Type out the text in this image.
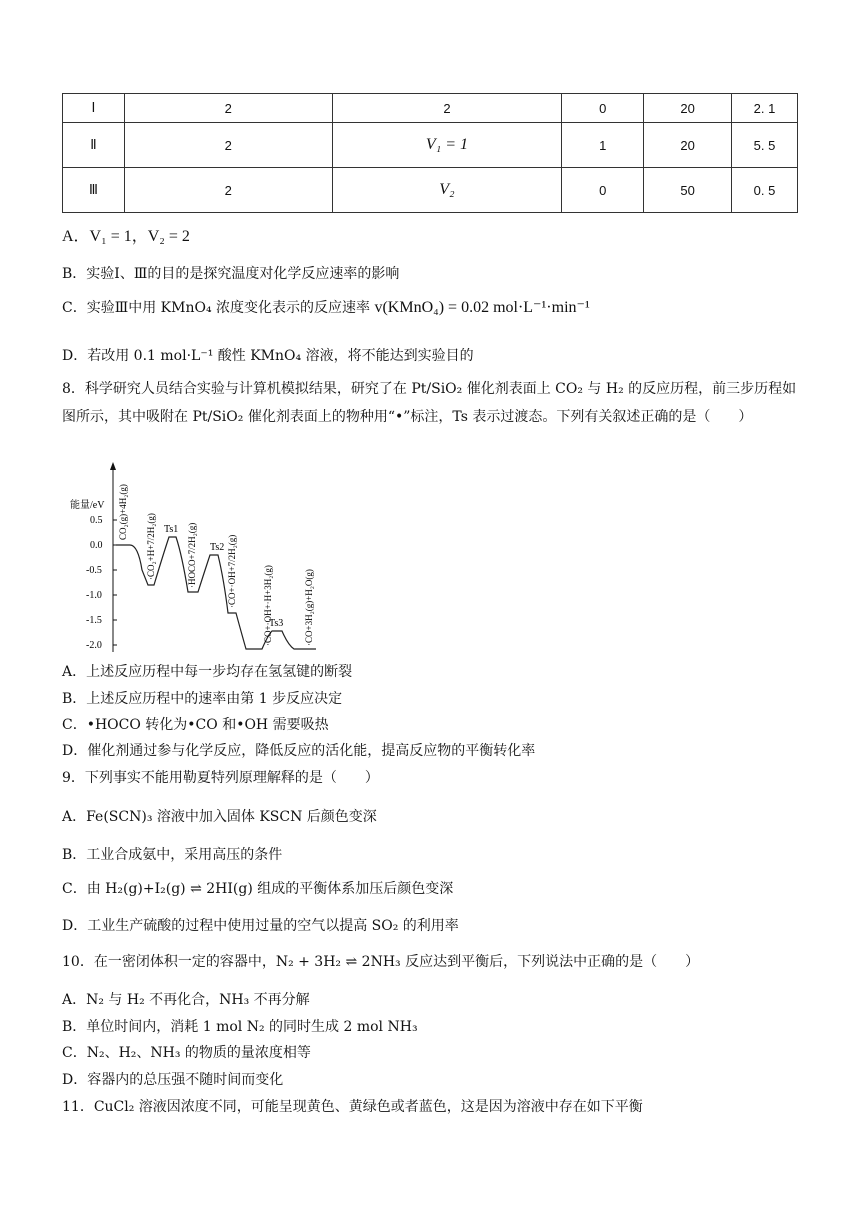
Ⅰ	2	2	0	20	2. 1
Ⅱ	2	V₁ = 1	1	20	5. 5
Ⅲ	2	V₂	0	50	0. 5
A．V₁ = 1，V₂ = 2
B．实验Ⅰ、Ⅲ的目的是探究温度对化学反应速率的影响
C．实验Ⅲ中用 KMnO₄ 浓度变化表示的反应速率 v(KMnO₄) = 0.02 mol·L⁻¹·min⁻¹
D．若改用 0.1 mol·L⁻¹ 酸性 KMnO₄ 溶液，将不能达到实验目的
8．科学研究人员结合实验与计算机模拟结果，研究了在 Pt/SiO₂ 催化剂表面上 CO₂ 与 H₂ 的反应历程，前三步历程如图所示，其中吸附在 Pt/SiO₂ 催化剂表面上的物种用“•”标注，Ts 表示过渡态。下列有关叙述正确的是（　　）
能量/eV
0.5
0.0
-0.5
-1.0
-1.5
-2.0
CO₂(g)+4H₂(g)
·CO₂+H+7/2H₂(g)	·HOCO+7/2H₂(g)	·CO+·OH+7/2H₂(g)	·CO+·OH+·H+3H₂(g)	·CO+3H₂(g)+H₂O(g)
Ts1
Ts2
Ts3
A．上述反应历程中每一步均存在氢氢键的断裂
B．上述反应历程中的速率由第 1 步反应决定
C．•HOCO 转化为•CO 和•OH 需要吸热
D．催化剂通过参与化学反应，降低反应的活化能，提高反应物的平衡转化率
9．下列事实不能用勒夏特列原理解释的是（　　）
A．Fe(SCN)₃ 溶液中加入固体 KSCN 后颜色变深
B．工业合成氨中，采用高压的条件
C．由 H₂(g)+I₂(g) ⇌ 2HI(g) 组成的平衡体系加压后颜色变深
D．工业生产硫酸的过程中使用过量的空气以提高 SO₂ 的利用率
10．在一密闭体积一定的容器中，N₂ + 3H₂ ⇌ 2NH₃ 反应达到平衡后，下列说法中正确的是（　　）
A．N₂ 与 H₂ 不再化合，NH₃ 不再分解
B．单位时间内，消耗 1 mol N₂ 的同时生成 2 mol NH₃
C．N₂、H₂、NH₃ 的物质的量浓度相等
D．容器内的总压强不随时间而变化
11．CuCl₂ 溶液因浓度不同，可能呈现黄色、黄绿色或者蓝色，这是因为溶液中存在如下平衡
